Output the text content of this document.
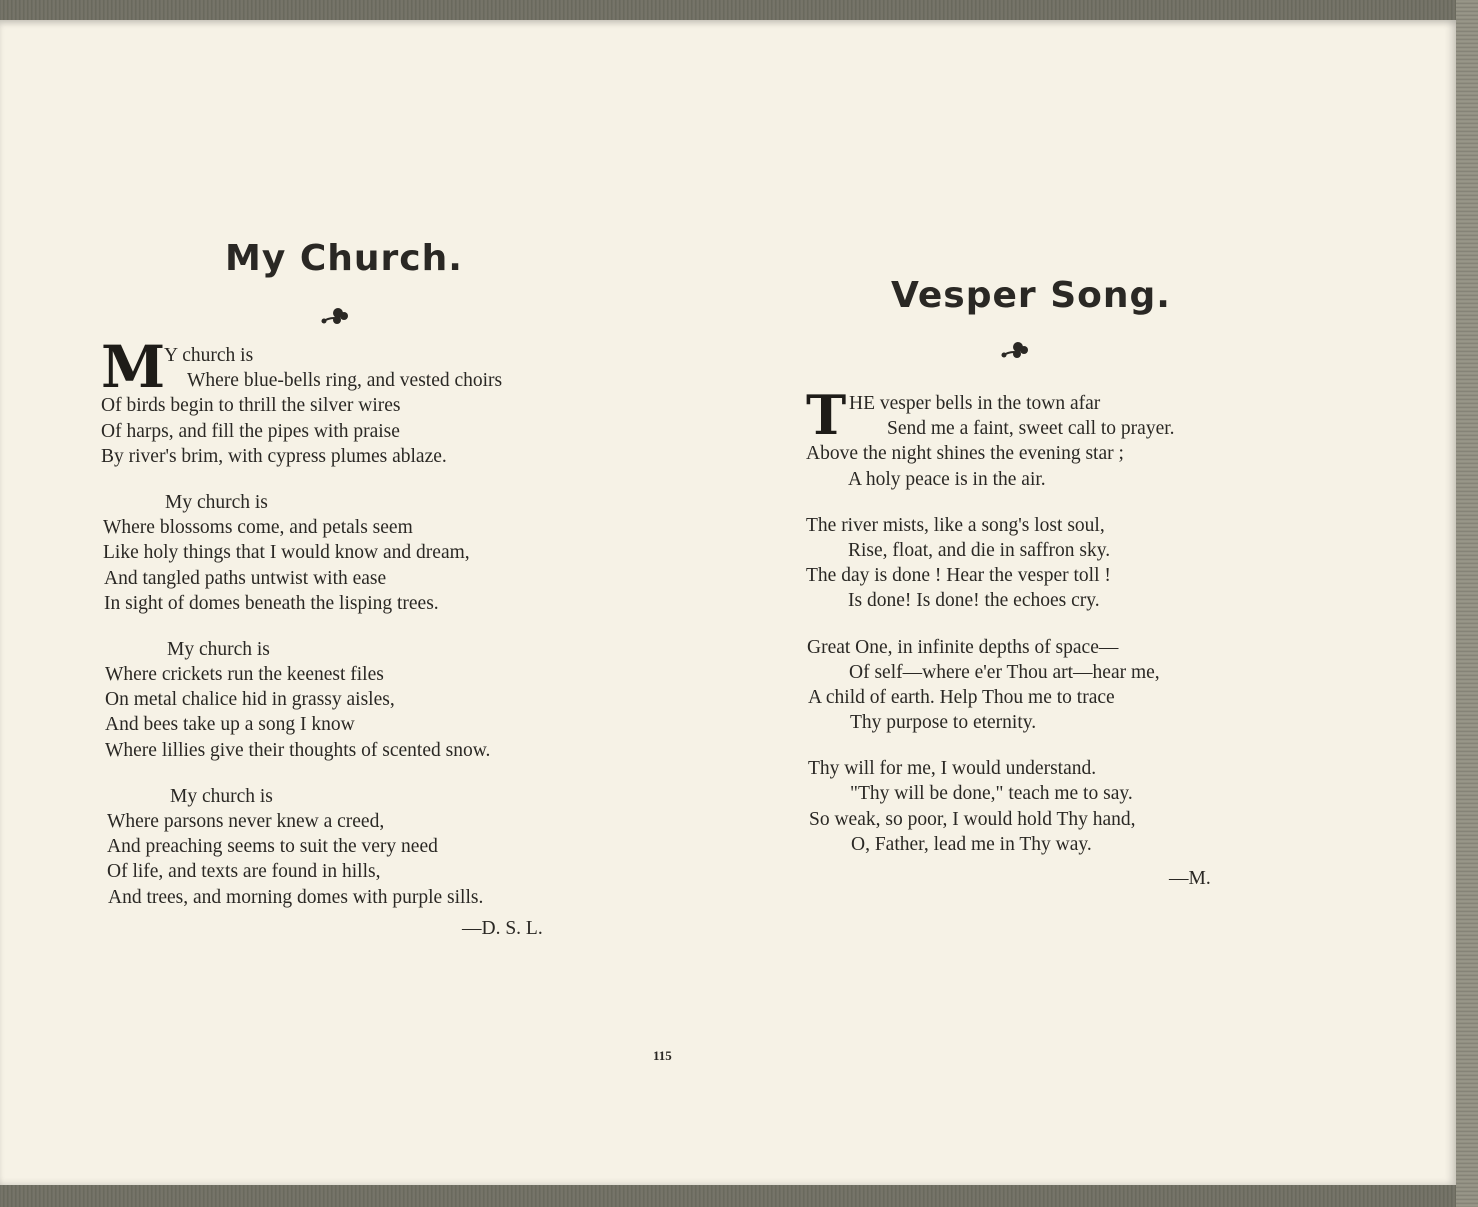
My Church.
M
Y church is
Where blue-bells ring, and vested choirs
Of birds begin to thrill the silver wires
Of harps, and fill the pipes with praise
By river's brim, with cypress plumes ablaze.
My church is
Where blossoms come, and petals seem
Like holy things that I would know and dream,
And tangled paths untwist with ease
In sight of domes beneath the lisping trees.
My church is
Where crickets run the keenest files
On metal chalice hid in grassy aisles,
And bees take up a song I know
Where lillies give their thoughts of scented snow.
My church is
Where parsons never knew a creed,
And preaching seems to suit the very need
Of life, and texts are found in hills,
And trees, and morning domes with purple sills.
—D. S. L.
Vesper Song.
T HE vesper bells in the town afar
Send me a faint, sweet call to prayer.
Above the night shines the evening star ;
A holy peace is in the air.
The river mists, like a song's lost soul,
Rise, float, and die in saffron sky.
The day is done ! Hear the vesper toll !
Is done! Is done! the echoes cry.
Great One, in infinite depths of space—
Of self—where e'er Thou art—hear me,
A child of earth. Help Thou me to trace
Thy purpose to eternity.
Thy will for me, I would understand.
"Thy will be done," teach me to say.
So weak, so poor, I would hold Thy hand,
O, Father, lead me in Thy way.
—M.
115
